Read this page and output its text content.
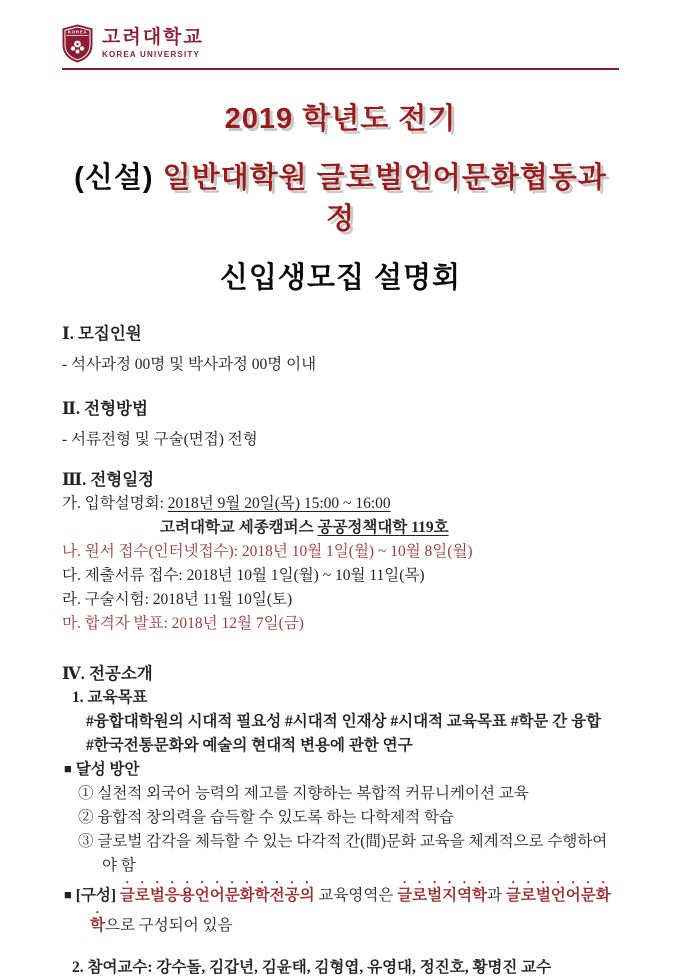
KOREA 고려대학교
KOREA UNIVERSITY
2019 학년도 전기
(신설) 일반대학원 글로벌언어문화협동과정
신입생모집 설명회
Ⅰ. 모집인원
- 석사과정 00명 및 박사과정 00명 이내
Ⅱ. 전형방법
- 서류전형 및 구술(면접) 전형
Ⅲ. 전형일정
가. 입학설명회: 2018년 9월 20일(목) 15:00 ~ 16:00
고려대학교 세종캠퍼스 공공정책대학 119호
나. 원서 접수(인터넷접수): 2018년 10월 1일(월) ~ 10월 8일(월)
다. 제출서류 접수: 2018년 10월 1일(월) ~ 10월 11일(목)
라. 구술시험: 2018년 11월 10일(토)
마. 합격자 발표: 2018년 12월 7일(금)
Ⅳ. 전공소개
1. 교육목표
#융합대학원의 시대적 필요성 #시대적 인재상 #시대적 교육목표 #학문 간 융합
#한국전통문화와 예술의 현대적 변용에 관한 연구
■ 달성 방안
① 실천적 외국어 능력의 제고를 지향하는 복합적 커뮤니케이션 교육
② 융합적 창의력을 습득할 수 있도록 하는 다학제적 학습
③ 글로벌 감각을 체득할 수 있는 다각적 간(間)문화 교육을 체계적으로 수행하여야 함
■ [구성] 글로벌응용언어문화학전공의 교육영역은 글로벌지역학과 글로벌언어문화학으로 구성되어 있음
2. 참여교수: 강수돌, 김갑년, 김윤태, 김형엽, 유영대, 정진호, 황명진 교수
